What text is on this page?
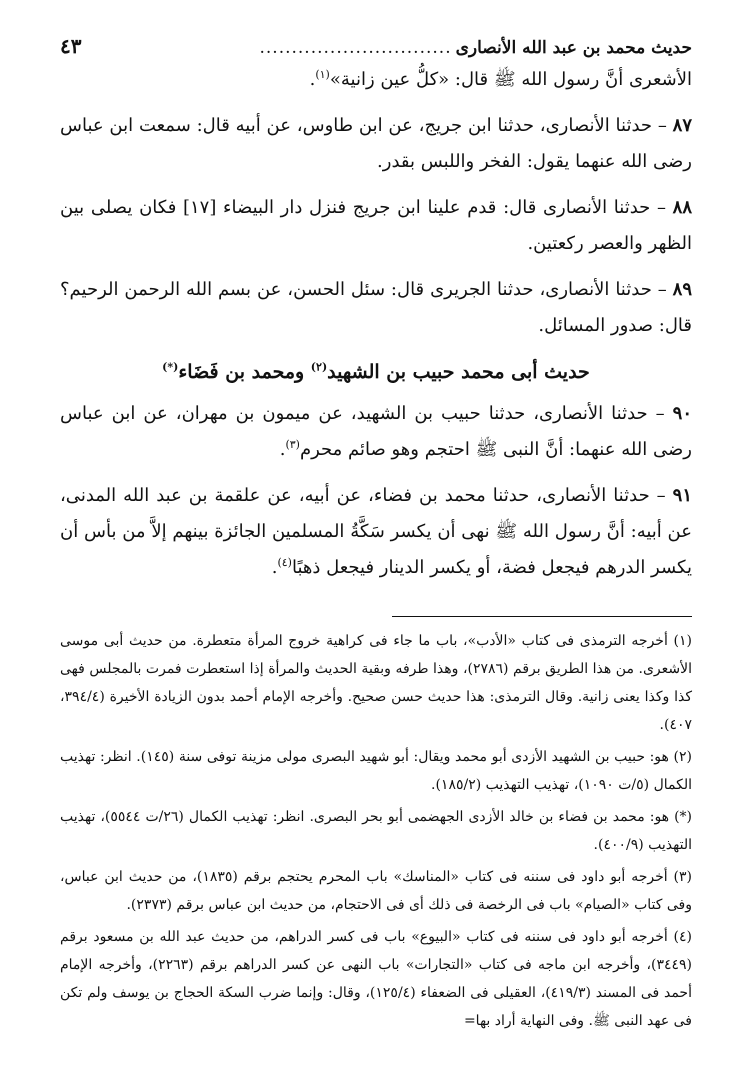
حديث محمد بن عبد الله الأنصارى
..............................
٤٣

الأشعرى أنَّ رسول الله ﷺ قال: «كلُّ عين زانية»$^{(١)}$.

٨٧ – حدثنا الأنصارى، حدثنا ابن جريج، عن ابن طاوس، عن أبيه قال: سمعت ابن عباس رضى الله عنهما يقول: الفخر واللبس بقدر.

٨٨ – حدثنا الأنصارى قال: قدم علينا ابن جريج فنزل دار البيضاء [١٧] فكان يصلى بين الظهر والعصر ركعتين.

٨٩ – حدثنا الأنصارى، حدثنا الجريرى قال: سئل الحسن، عن بسم الله الرحمن الرحيم؟ قال: صدور المسائل.

حديث أبى محمد حبيب بن الشهيد$^{(٢)}$ ومحمد بن فَضَاء(*)

٩٠ – حدثنا الأنصارى، حدثنا حبيب بن الشهيد، عن ميمون بن مهران، عن ابن عباس رضى الله عنهما: أنَّ النبى ﷺ احتجم وهو صائم محرم$^{(٣)}$.

٩١ – حدثنا الأنصارى، حدثنا محمد بن فضاء، عن أبيه، عن علقمة بن عبد الله المدنى، عن أبيه: أنَّ رسول الله ﷺ نهى أن يكسر سَكَّةُ المسلمين الجائزة بينهم إلاَّ من بأس أن يكسر الدرهم فيجعل فضة، أو يكسر الدينار فيجعل ذهبًا$^{(٤)}$.

(١) أخرجه الترمذى فى كتاب «الأدب»، باب ما جاء فى كراهية خروج المرأة متعطرة. من حديث أبى موسى الأشعرى. من هذا الطريق برقم (٢٧٨٦)، وهذا طرفه وبقية الحديث والمرأة إذا استعطرت فمرت بالمجلس فهى كذا وكذا يعنى زانية. وقال الترمذى: هذا حديث حسن صحيح. وأخرجه الإمام أحمد بدون الزيادة الأخيرة (٣٩٤/٤، ٤٠٧).

(٢) هو: حبيب بن الشهيد الأزدى أبو محمد ويقال: أبو شهيد البصرى مولى مزينة توفى سنة (١٤٥). انظر: تهذيب الكمال (٥/ت ١٠٩٠)، تهذيب التهذيب (١٨٥/٢).

(*) هو: محمد بن فضاء بن خالد الأزدى الجهضمى أبو بحر البصرى. انظر: تهذيب الكمال (٢٦/ت ٥٥٤٤)، تهذيب التهذيب (٤٠٠/٩).

(٣) أخرجه أبو داود فى سننه فى كتاب «المناسك» باب المحرم يحتجم برقم (١٨٣٥)، من حديث ابن عباس، وفى كتاب «الصيام» باب فى الرخصة فى ذلك أى فى الاحتجام، من حديث ابن عباس برقم (٢٣٧٣).

(٤) أخرجه أبو داود فى سننه فى كتاب «البيوع» باب فى كسر الدراهم، من حديث عبد الله بن مسعود برقم (٣٤٤٩)، وأخرجه ابن ماجه فى كتاب «التجارات» باب النهى عن كسر الدراهم برقم (٢٢٦٣)، وأخرجه الإمام أحمد فى المسند (٤١٩/٣)، العقيلى فى الضعفاء (١٢٥/٤)، وقال: وإنما ضرب السكة الحجاج بن يوسف ولم تكن فى عهد النبى ﷺ. وفى النهاية أراد بها=
